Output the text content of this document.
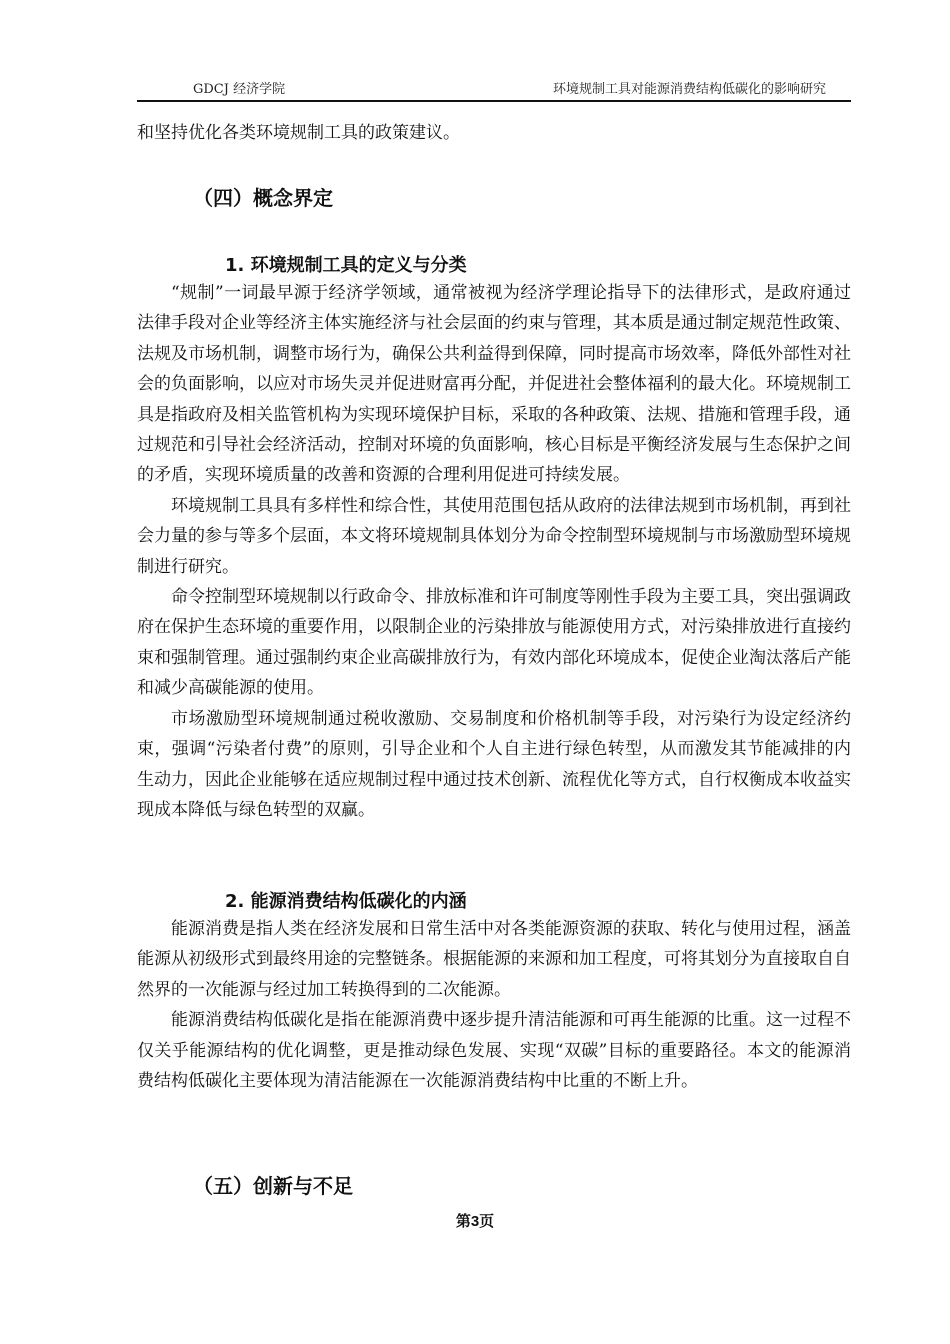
GDCJ 经济学院	环境规制工具对能源消费结构低碳化的影响研究

和坚持优化各类环境规制工具的政策建议。

（四）概念界定
1. 环境规制工具的定义与分类

“规制”一词最早源于经济学领域，通常被视为经济学理论指导下的法律形式，是政府通过法律手段对企业等经济主体实施经济与社会层面的约束与管理，其本质是通过制定规范性政策、法规及市场机制，调整市场行为，确保公共利益得到保障，同时提高市场效率，降低外部性对社会的负面影响，以应对市场失灵并促进财富再分配，并促进社会整体福利的最大化。环境规制工具是指政府及相关监管机构为实现环境保护目标，采取的各种政策、法规、措施和管理手段，通过规范和引导社会经济活动，控制对环境的负面影响，核心目标是平衡经济发展与生态保护之间的矛盾，实现环境质量的改善和资源的合理利用促进可持续发展。

环境规制工具具有多样性和综合性，其使用范围包括从政府的法律法规到市场机制，再到社会力量的参与等多个层面，本文将环境规制具体划分为命令控制型环境规制与市场激励型环境规制进行研究。

命令控制型环境规制以行政命令、排放标准和许可制度等刚性手段为主要工具，突出强调政府在保护生态环境的重要作用，以限制企业的污染排放与能源使用方式，对污染排放进行直接约束和强制管理。通过强制约束企业高碳排放行为，有效内部化环境成本，促使企业淘汰落后产能和减少高碳能源的使用。

市场激励型环境规制通过税收激励、交易制度和价格机制等手段，对污染行为设定经济约束，强调“污染者付费”的原则，引导企业和个人自主进行绿色转型，从而激发其节能减排的内生动力，因此企业能够在适应规制过程中通过技术创新、流程优化等方式，自行权衡成本收益实现成本降低与绿色转型的双赢。

2. 能源消费结构低碳化的内涵

能源消费是指人类在经济发展和日常生活中对各类能源资源的获取、转化与使用过程，涵盖能源从初级形式到最终用途的完整链条。根据能源的来源和加工程度，可将其划分为直接取自自然界的一次能源与经过加工转换得到的二次能源。

能源消费结构低碳化是指在能源消费中逐步提升清洁能源和可再生能源的比重。这一过程不仅关乎能源结构的优化调整，更是推动绿色发展、实现“双碳”目标的重要路径。本文的能源消费结构低碳化主要体现为清洁能源在一次能源消费结构中比重的不断上升。

（五）创新与不足
第3页
